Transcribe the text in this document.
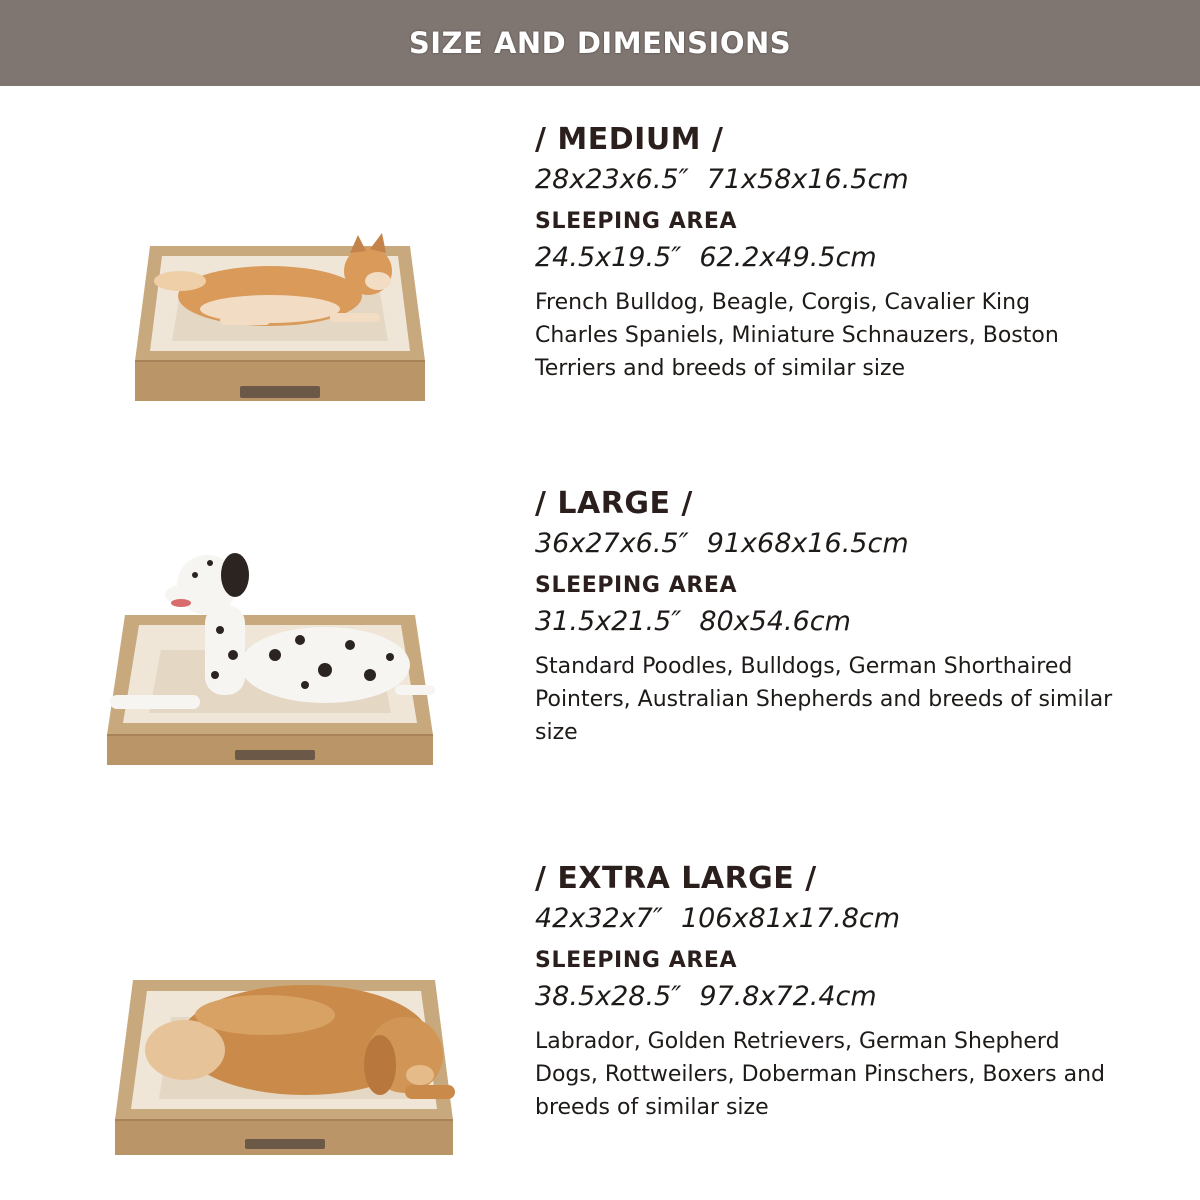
SIZE AND DIMENSIONS
/ MEDIUM /

28x23x6.5″ 71x58x16.5cm

SLEEPING AREA

24.5x19.5″ 62.2x49.5cm

French Bulldog, Beagle, Corgis, Cavalier King Charles Spaniels, Miniature Schnauzers, Boston Terriers and breeds of similar size

/ LARGE /

36x27x6.5″ 91x68x16.5cm

SLEEPING AREA

31.5x21.5″ 80x54.6cm

Standard Poodles, Bulldogs, German Shorthaired Pointers, Australian Shepherds and breeds of similar size

/ EXTRA LARGE /

42x32x7″ 106x81x17.8cm

SLEEPING AREA

38.5x28.5″ 97.8x72.4cm

Labrador, Golden Retrievers, German Shepherd Dogs, Rottweilers, Doberman Pinschers, Boxers and breeds of similar size
